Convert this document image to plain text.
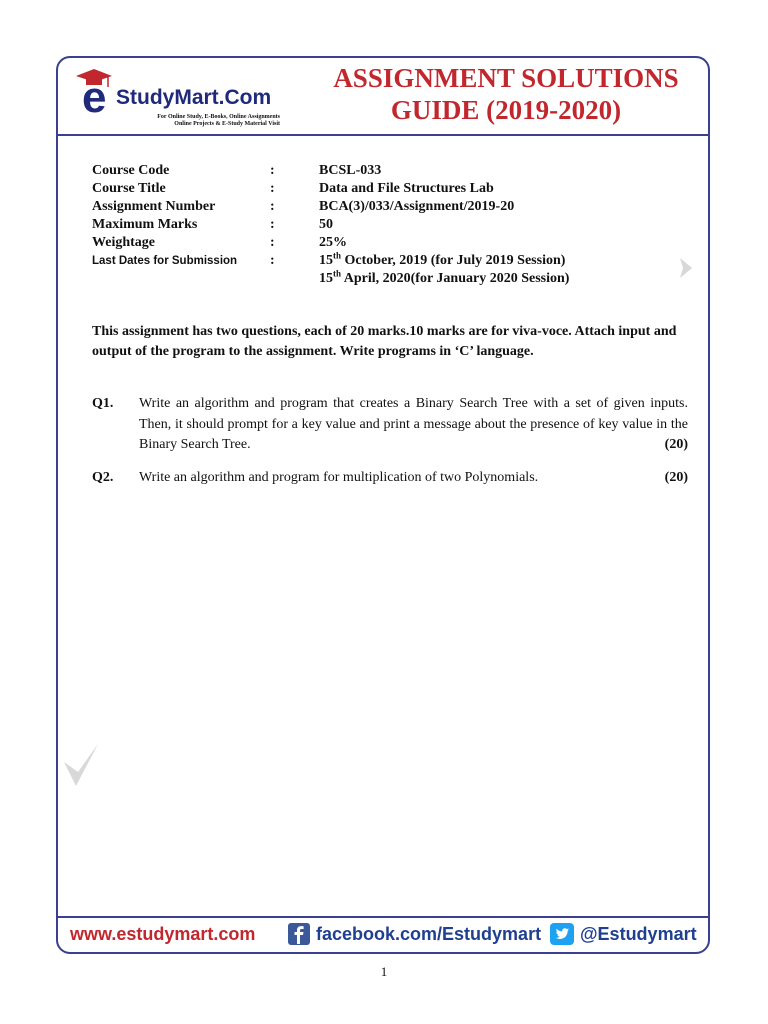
e StudyMart.Com
For Online Study, E-Books, Online Assignments
Online Projects & E-Study Material Visit
ASSIGNMENT SOLUTIONS
GUIDE (2019-2020)
Course Code	:	BCSL-033
Course Title	:	Data and File Structures Lab
Assignment Number	:	BCA(3)/033/Assignment/2019-20
Maximum Marks	:	50
Weightage	:	25%
Last Dates for Submission	:	15th October, 2019 (for July 2019 Session)
15th April, 2020(for January 2020 Session)
This assignment has two questions, each of 20 marks.10 marks are for viva-voce. Attach input and output of the program to the assignment. Write programs in ‘C’ language.
Q1.	Write an algorithm and program that creates a Binary Search Tree with a set of given inputs. Then, it should prompt for a key value and print a message about the presence of key value in the Binary Search Tree.	(20)
Q2.	Write an algorithm and program for multiplication of two Polynomials.	(20)
www.estudymart.com	facebook.com/Estudymart @Estudymart
1
